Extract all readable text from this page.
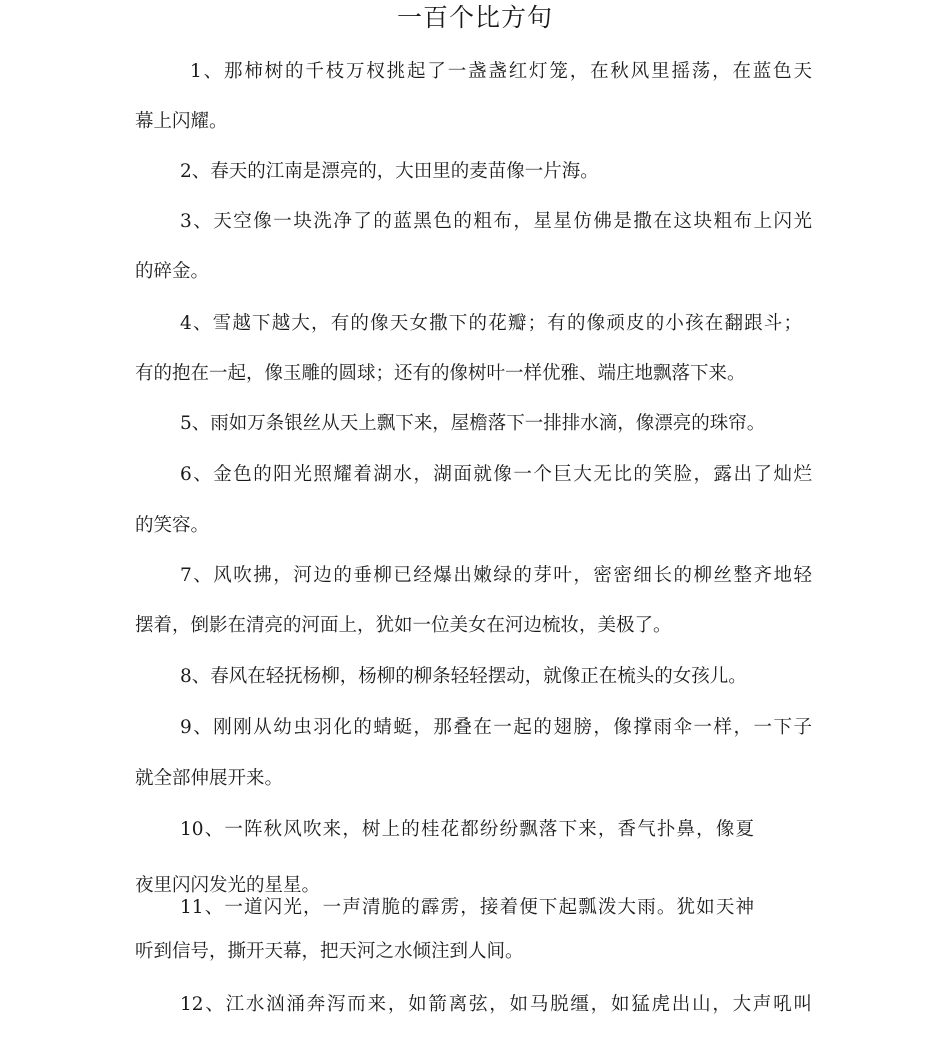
一百个比方句
1、那柿树的千枝万杈挑起了一盏盏红灯笼，在秋风里摇荡，在蓝色天
幕上闪耀。
2、春天的江南是漂亮的，大田里的麦苗像一片海。
3、天空像一块洗净了的蓝黑色的粗布，星星仿佛是撒在这块粗布上闪光
的碎金。
4、雪越下越大，有的像天女撒下的花瓣；有的像顽皮的小孩在翻跟斗；
有的抱在一起，像玉雕的圆球；还有的像树叶一样优雅、端庄地飘落下来。
5、雨如万条银丝从天上飘下来，屋檐落下一排排水滴，像漂亮的珠帘。
6、金色的阳光照耀着湖水，湖面就像一个巨大无比的笑脸，露出了灿烂
的笑容。
7、风吹拂，河边的垂柳已经爆出嫩绿的芽叶，密密细长的柳丝整齐地轻
摆着，倒影在清亮的河面上，犹如一位美女在河边梳妆，美极了。
8、春风在轻抚杨柳，杨柳的柳条轻轻摆动，就像正在梳头的女孩儿。
9、刚刚从幼虫羽化的蜻蜓，那叠在一起的翅膀，像撑雨伞一样，一下子
就全部伸展开来。
10、一阵秋风吹来，树上的桂花都纷纷飘落下来，香气扑鼻，像夏
夜里闪闪发光的星星。
11、一道闪光，一声清脆的霹雳，接着便下起瓢泼大雨。犹如天神
听到信号，撕开天幕，把天河之水倾注到人间。
12、江水汹涌奔泻而来，如箭离弦，如马脱缰，如猛虎出山，大声吼叫
